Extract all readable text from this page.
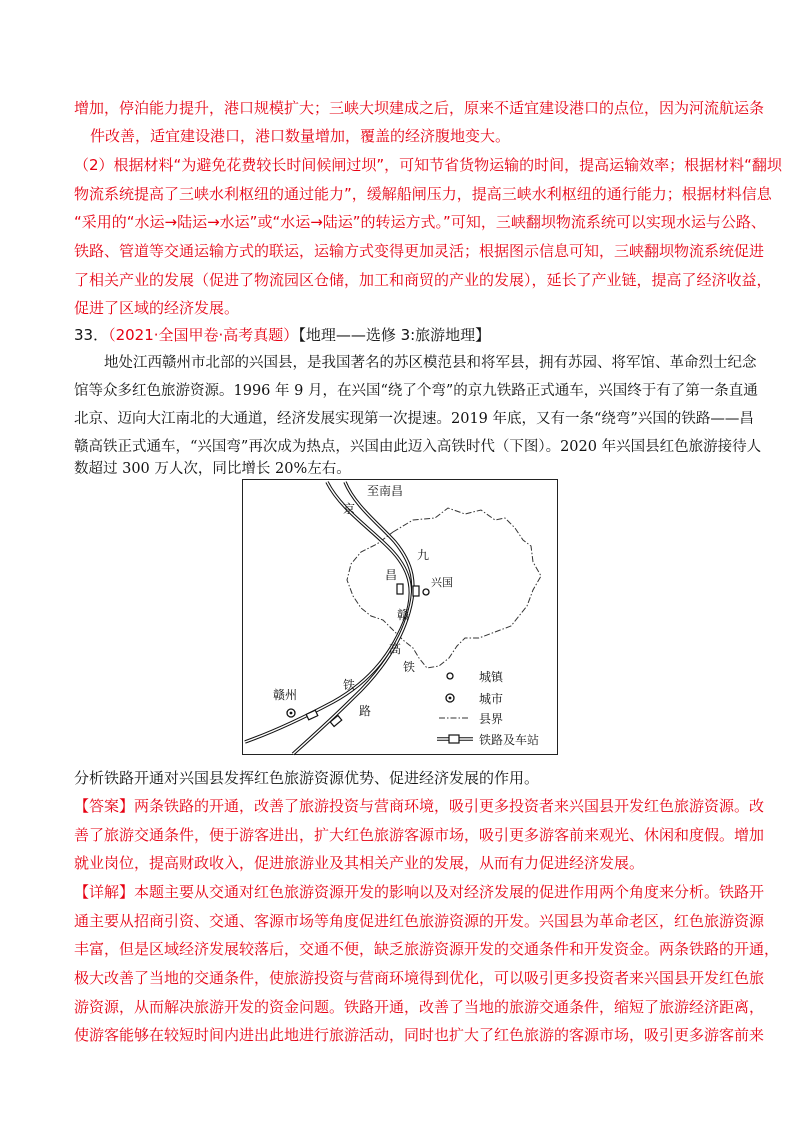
增加，停泊能力提升，港口规模扩大；三峡大坝建成之后，原来不适宜建设港口的点位，因为河流航运条
件改善，适宜建设港口，港口数量增加，覆盖的经济腹地变大。
（2）根据材料“为避免花费较长时间候闸过坝”，可知节省货物运输的时间，提高运输效率；根据材料“翻坝
物流系统提高了三峡水利枢纽的通过能力”，缓解船闸压力，提高三峡水利枢纽的通行能力；根据材料信息
“采用的“水运→陆运→水运”或“水运→陆运”的转运方式。”可知，三峡翻坝物流系统可以实现水运与公路、
铁路、管道等交通运输方式的联运，运输方式变得更加灵活；根据图示信息可知，三峡翻坝物流系统促进
了相关产业的发展（促进了物流园区仓储，加工和商贸的产业的发展），延长了产业链，提高了经济收益，
促进了区域的经济发展。
33．（2021·全国甲卷·高考真题）【地理——选修 3:旅游地理】
地处江西赣州市北部的兴国县，是我国著名的苏区模范县和将军县，拥有苏园、将军馆、革命烈士纪念
馆等众多红色旅游资源。1996 年 9 月，在兴国“绕了个弯”的京九铁路正式通车，兴国终于有了第一条直通
北京、迈向大江南北的大通道，经济发展实现第一次提速。2019 年底，又有一条“绕弯”兴国的铁路——昌
赣高铁正式通车，“兴国弯”再次成为热点，兴国由此迈入高铁时代（下图）。2020 年兴国县红色旅游接待人
数超过 300 万人次，同比增长 20%左右。
至南昌
京
九
昌
兴国
赣
高
铁
铁
路
赣州
城镇
城市
县界
铁路及车站
分析铁路开通对兴国县发挥红色旅游资源优势、促进经济发展的作用。
【答案】两条铁路的开通，改善了旅游投资与营商环境，吸引更多投资者来兴国县开发红色旅游资源。改
善了旅游交通条件，便于游客进出，扩大红色旅游客源市场，吸引更多游客前来观光、休闲和度假。增加
就业岗位，提高财政收入，促进旅游业及其相关产业的发展，从而有力促进经济发展。
【详解】本题主要从交通对红色旅游资源开发的影响以及对经济发展的促进作用两个角度来分析。铁路开
通主要从招商引资、交通、客源市场等角度促进红色旅游资源的开发。兴国县为革命老区，红色旅游资源
丰富，但是区域经济发展较落后，交通不便，缺乏旅游资源开发的交通条件和开发资金。两条铁路的开通，
极大改善了当地的交通条件，使旅游投资与营商环境得到优化，可以吸引更多投资者来兴国县开发红色旅
游资源，从而解决旅游开发的资金问题。铁路开通，改善了当地的旅游交通条件，缩短了旅游经济距离，
使游客能够在较短时间内进出此地进行旅游活动，同时也扩大了红色旅游的客源市场，吸引更多游客前来
